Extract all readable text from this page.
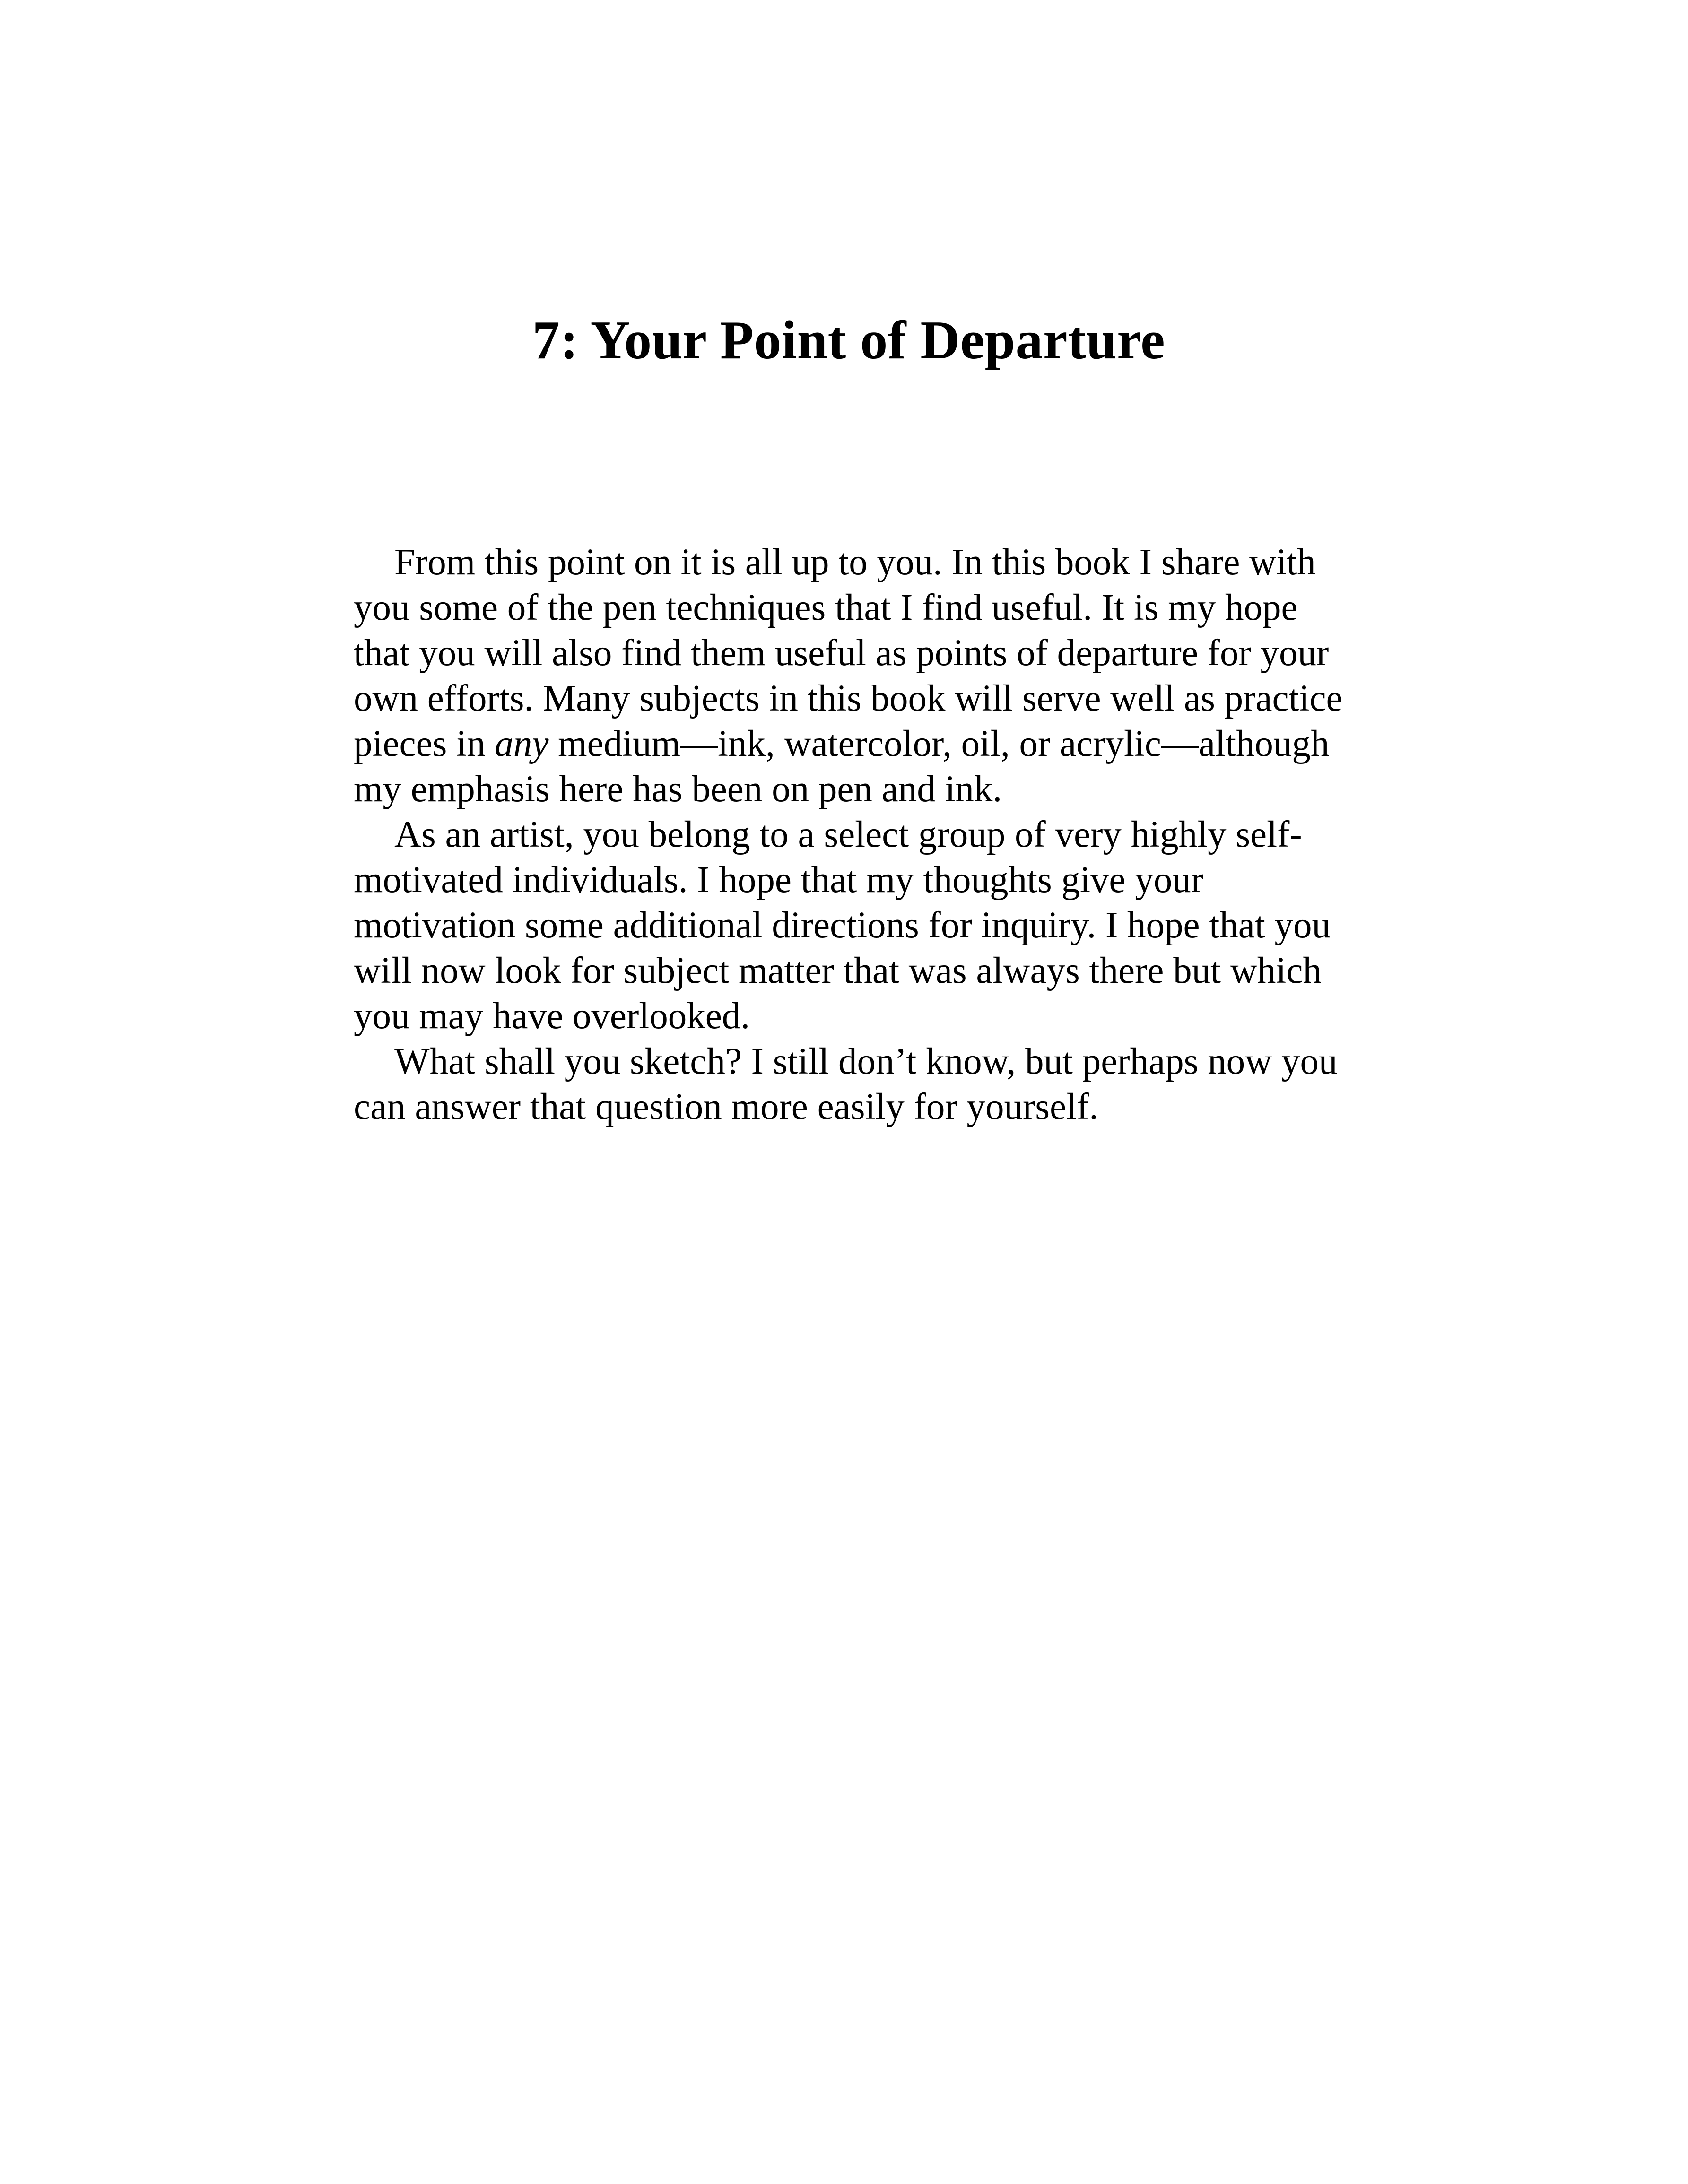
7: Your Point of Departure
From this point on it is all up to you. In this book I share with
you some of the pen techniques that I find useful. It is my hope
that you will also find them useful as points of departure for your
own efforts. Many subjects in this book will serve well as practice
pieces in any medium—ink, watercolor, oil, or acrylic—although
my emphasis here has been on pen and ink.
As an artist, you belong to a select group of very highly self-
motivated individuals. I hope that my thoughts give your
motivation some additional directions for inquiry. I hope that you
will now look for subject matter that was always there but which
you may have overlooked.
What shall you sketch? I still don’t know, but perhaps now you
can answer that question more easily for yourself.
